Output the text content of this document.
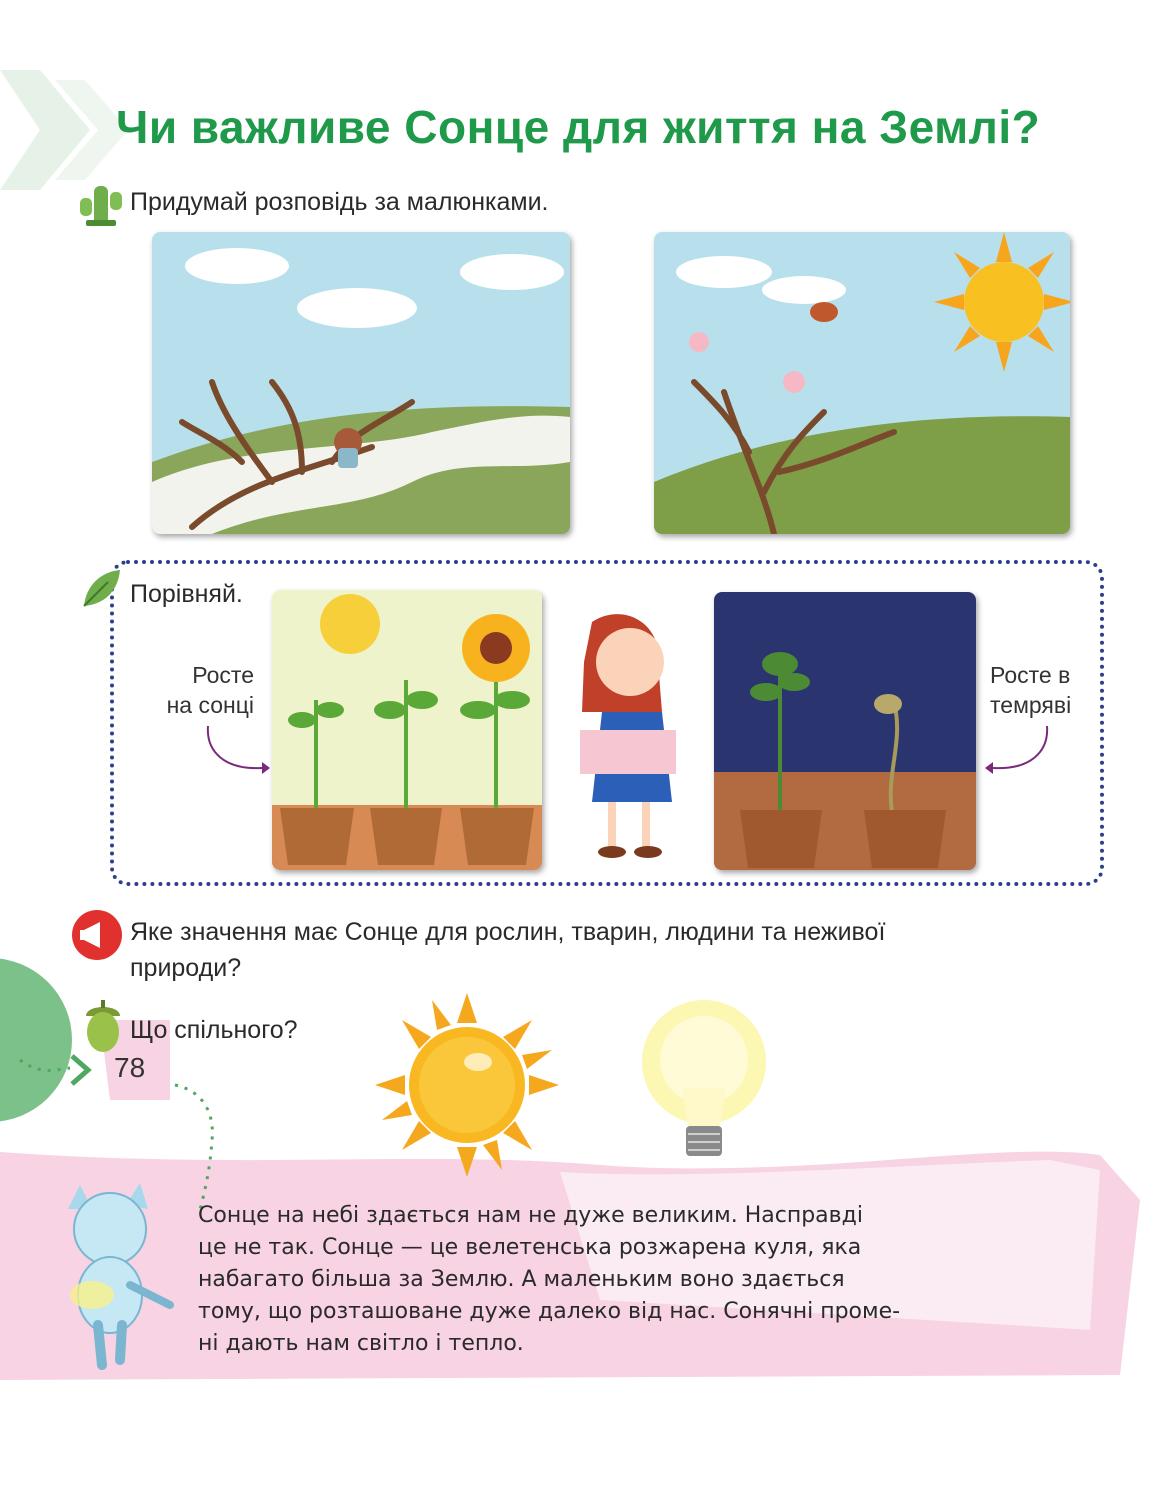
Чи важливе Сонце для життя на Землі?
Придумай розповідь за малюнками.
Порівняй.
Росте
на сонці
Росте в
темряві
Яке значення має Сонце для рослин, тварин, людини та неживої
природи?
Що спільного?

Сонце на небі здається нам не дуже великим. Насправді

це не так. Сонце — це велетенська розжарена куля, яка

набагато більша за Землю. А маленьким воно здається

тому, що розташоване дуже далеко від нас. Сонячні проме-

ні дають нам світло і тепло.

78
